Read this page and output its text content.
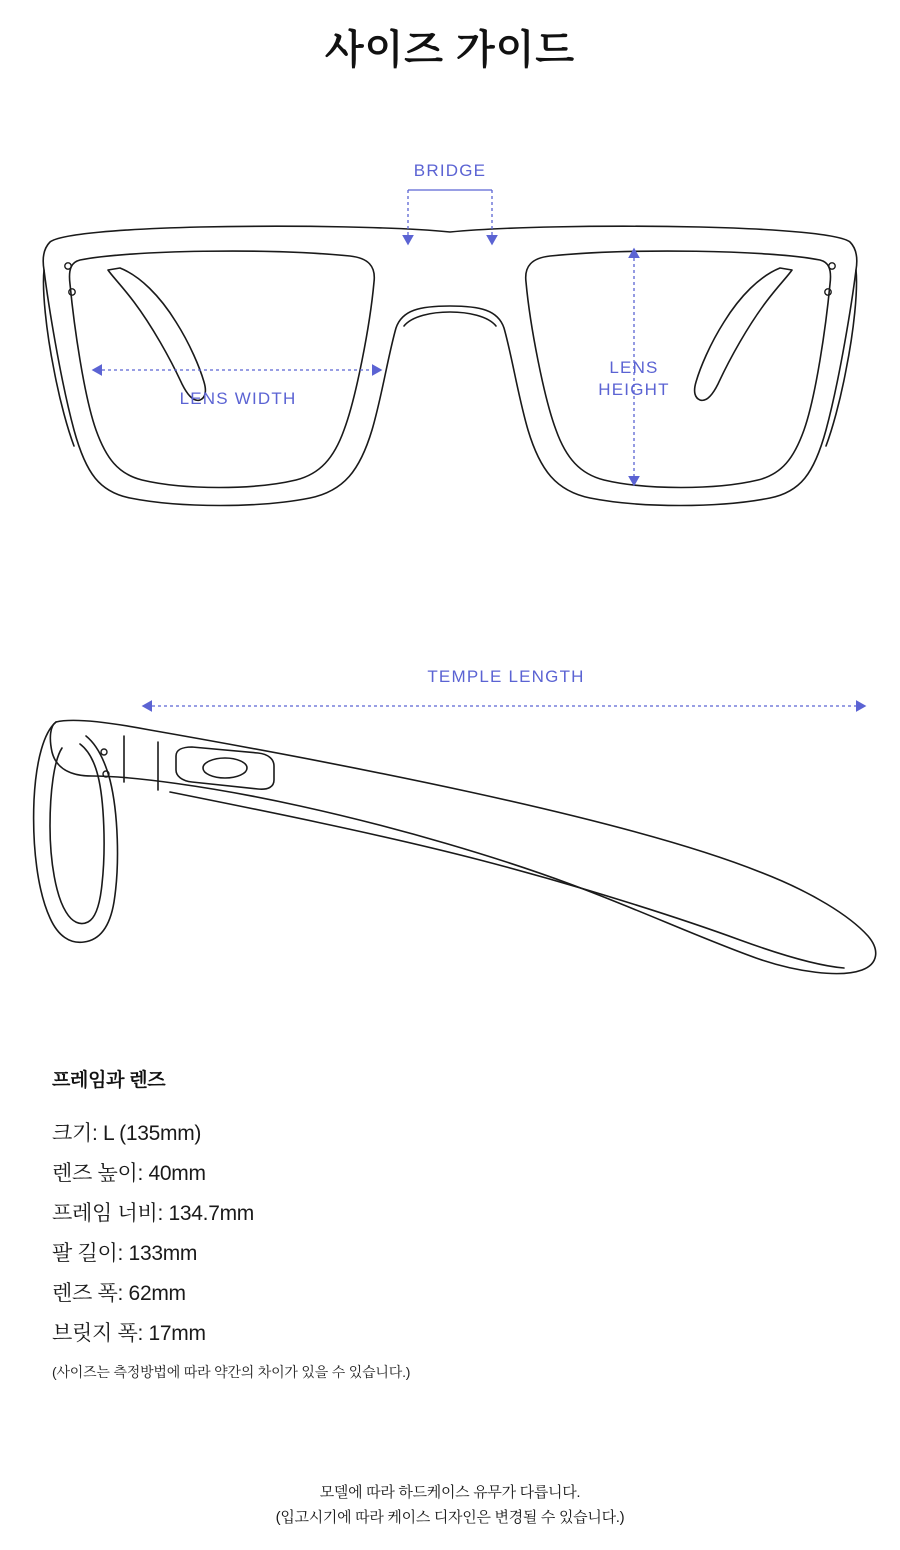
사이즈 가이드
BRIDGE
LENS WIDTH
LENS
HEIGHT
TEMPLE LENGTH
프레임과 렌즈
크기: L (135mm)
렌즈 높이: 40mm
프레임 너비: 134.7mm
팔 길이: 133mm
렌즈 폭: 62mm
브릿지 폭: 17mm
(사이즈는 측정방법에 따라 약간의 차이가 있을 수 있습니다.)
모델에 따라 하드케이스 유무가 다릅니다.
(입고시기에 따라 케이스 디자인은 변경될 수 있습니다.)
